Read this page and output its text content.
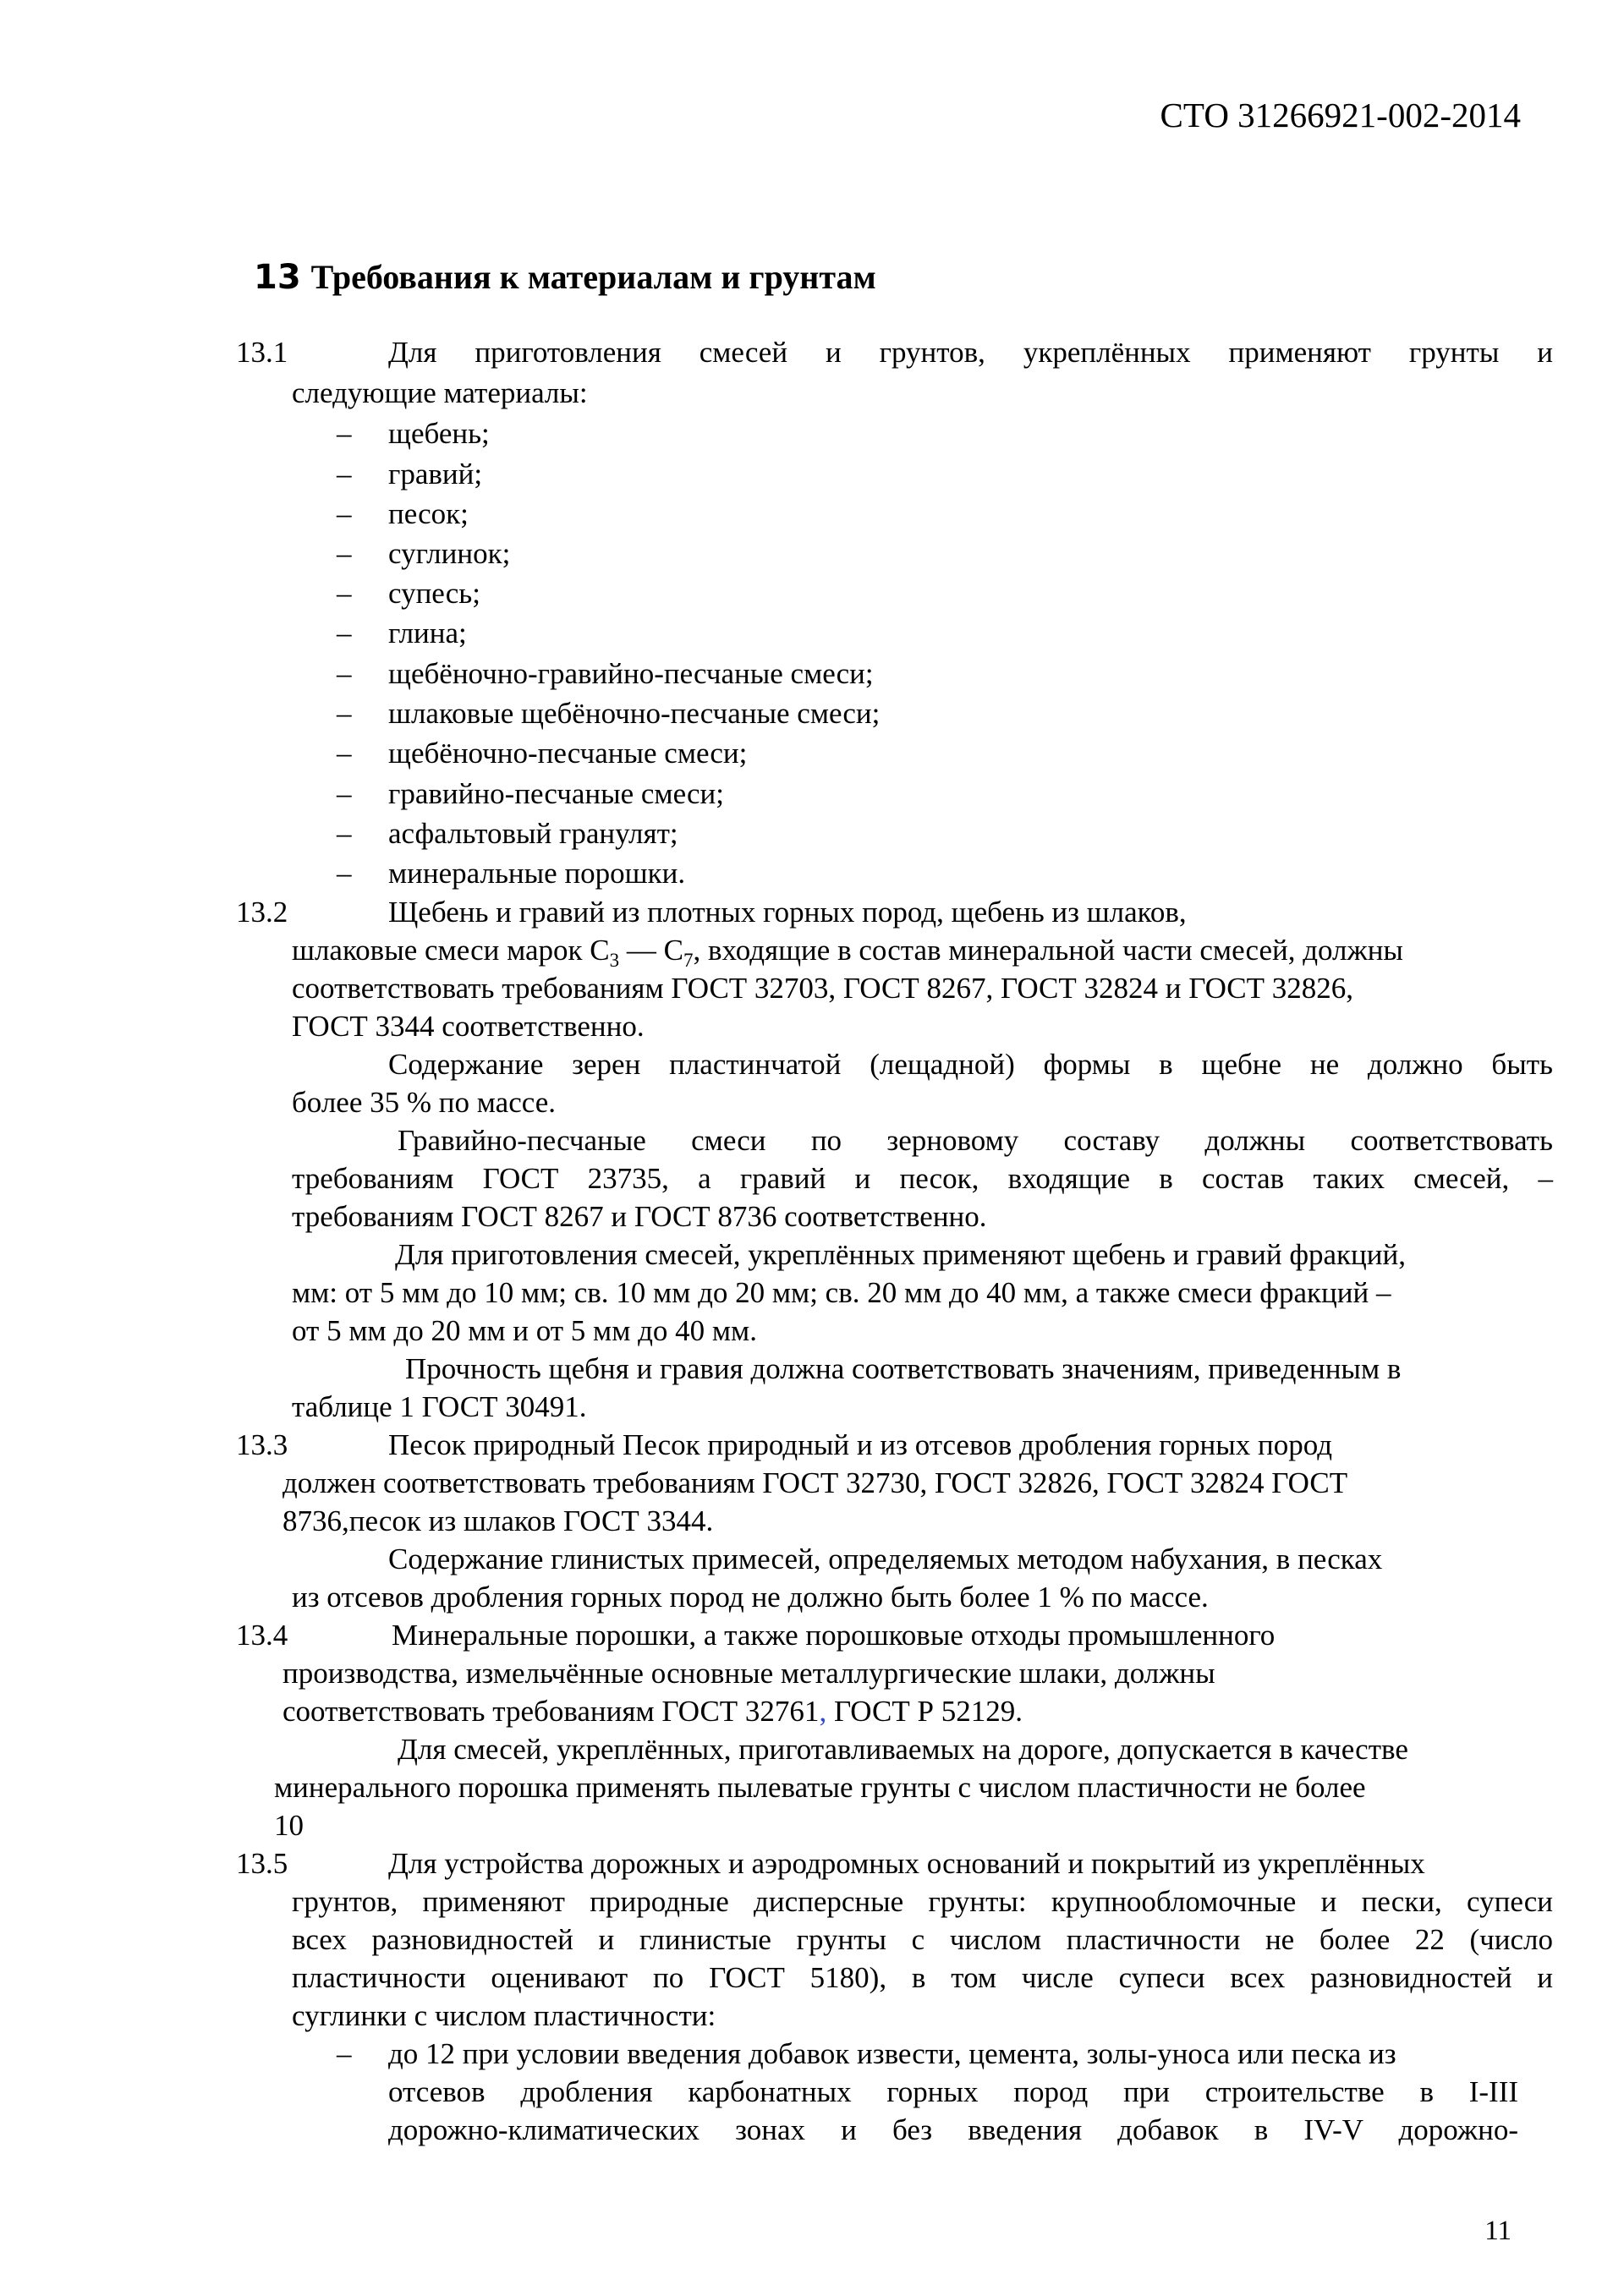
СТО 31266921-002-2014
13 Требования к материалам и грунтам
13.1	Для приготовления смесей и грунтов, укреплённых применяют грунты и
следующие материалы:
– щебень;
– гравий;
– песок;
– суглинок;
– супесь;
– глина;
– щебёночно-гравийно-песчаные смеси;
– шлаковые щебёночно-песчаные смеси;
– щебёночно-песчаные смеси;
– гравийно-песчаные смеси;
– асфальтовый гранулят;
– минеральные порошки.
13.2	Щебень и гравий из плотных горных пород, щебень из шлаков,
шлаковые смеси марок $С_3$ — $С_7$, входящие в состав минеральной части смесей, должны
соответствовать требованиям ГОСТ 32703, ГОСТ 8267, ГОСТ 32824 и ГОСТ 32826,
ГОСТ 3344 соответственно.
Содержание зерен пластинчатой (лещадной) формы в щебне не должно быть
более 35 % по массе.
Гравийно-песчаные смеси по зерновому составу должны соответствовать
требованиям ГОСТ 23735, а гравий и песок, входящие в состав таких смесей, –
требованиям ГОСТ 8267 и ГОСТ 8736 соответственно.
Для приготовления смесей, укреплённых применяют щебень и гравий фракций,
мм: от 5 мм до 10 мм; св. 10 мм до 20 мм; св. 20 мм до 40 мм, а также смеси фракций –
от 5 мм до 20 мм и от 5 мм до 40 мм.
Прочность щебня и гравия должна соответствовать значениям, приведенным в
таблице 1 ГОСТ 30491.
13.3	Песок природный Песок природный и из отсевов дробления горных пород
должен соответствовать требованиям ГОСТ 32730, ГОСТ 32826, ГОСТ 32824 ГОСТ
8736,песок из шлаков ГОСТ 3344.
Содержание глинистых примесей, определяемых методом набухания, в песках
из отсевов дробления горных пород не должно быть более 1 % по массе.
13.4	Минеральные порошки, а также порошковые отходы промышленного
производства, измельчённые основные металлургические шлаки, должны
соответствовать требованиям ГОСТ 32761, ГОСТ Р 52129.
Для смесей, укреплённых, приготавливаемых на дороге, допускается в качестве
минерального порошка применять пылеватые грунты с числом пластичности не более
10
13.5	Для устройства дорожных и аэродромных оснований и покрытий из укреплённых
грунтов, применяют природные дисперсные грунты: крупнообломочные и пески, супеси
всех разновидностей и глинистые грунты с числом пластичности не более 22 (число
пластичности оценивают по ГОСТ 5180), в том числе супеси всех разновидностей и
суглинки с числом пластичности:
– до 12 при условии введения добавок извести, цемента, золы-уноса или песка из
отсевов дробления карбонатных горных пород при строительстве в I-III
дорожно-климатических зонах и без введения добавок в IV-V дорожно-
11
